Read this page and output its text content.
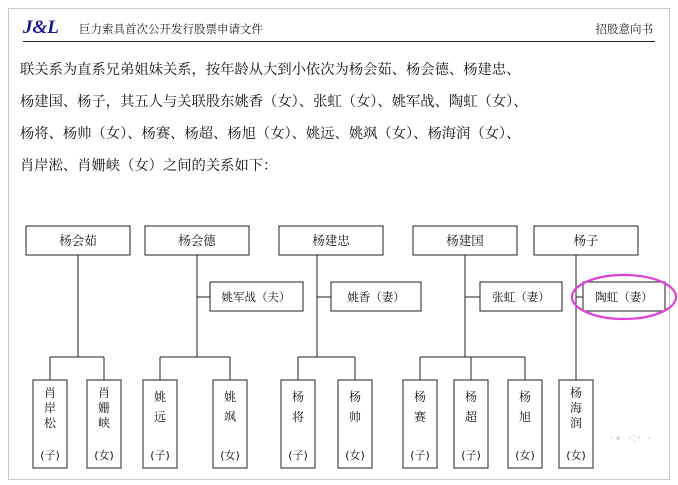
J&L 巨力索具首次公开发行股票申请文件	招股意向书
联关系为直系兄弟姐妹关系，按年龄从大到小依次为杨会茹、杨会德、杨建忠、
杨建国、杨子，其五人与关联股东姚香（女）、张虹（女）、姚军战、陶虹（女）、
杨将、杨帅（女）、杨赛、杨超、杨旭（女）、姚远、姚飒（女）、杨海润（女）、
肖岸淞、肖姗峡（女）之间的关系如下：
杨会茹	杨会德	杨建忠	杨建国	杨子
姚军战（夫）	姚香（妻）	张虹（妻）	陶虹（妻）
肖
岸
松
(子)
肖
姗
峡
(女)
姚
远
(子)
姚
飒
(女)
杨
将
(子)
杨
帅
(女)
杨
赛
(子)
杨
超
(子)
杨
旭
(女)
杨
海
润
(女)
·∙ ·:· ·
